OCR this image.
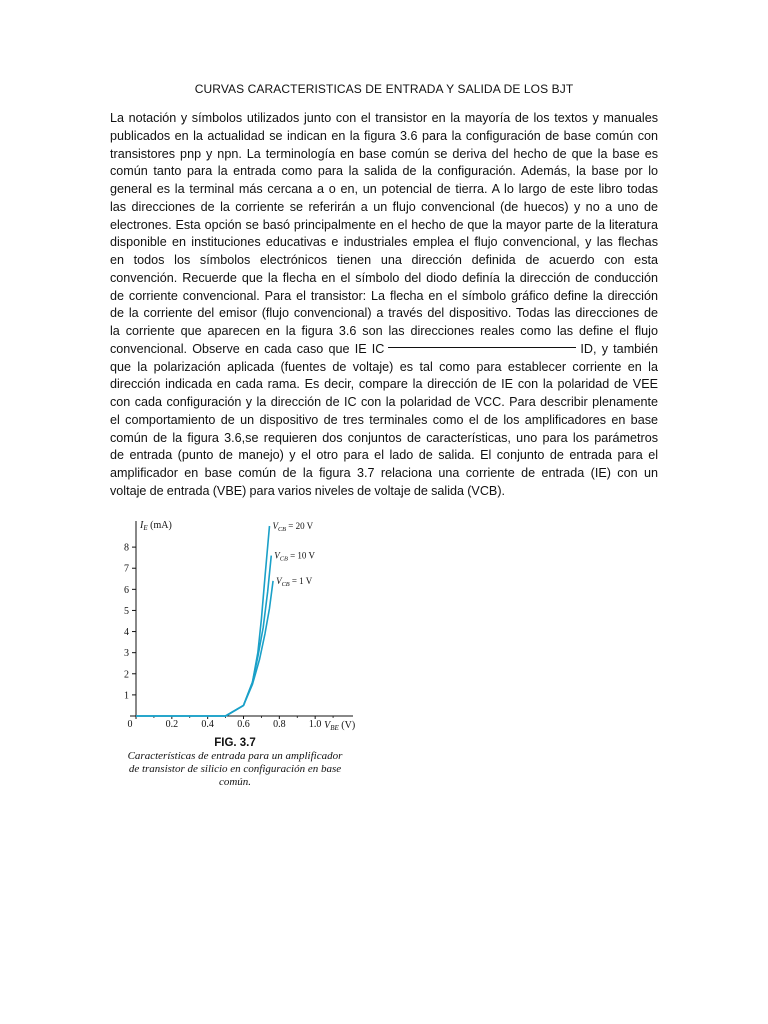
CURVAS CARACTERISTICAS DE ENTRADA Y SALIDA DE LOS BJT

La notación y símbolos utilizados junto con el transistor en la mayoría de los textos y manuales
publicados en la actualidad se indican en la figura 3.6 para la configuración de base común con
transistores pnp y npn. La terminología en base común se deriva del hecho de que la base es
común tanto para la entrada como para la salida de la configuración. Además, la base por lo
general es la terminal más cercana a o en, un potencial de tierra. A lo largo de este libro todas
las direcciones de la corriente se referirán a un flujo convencional (de huecos) y no a uno de
electrones. Esta opción se basó principalmente en el hecho de que la mayor parte de la literatura
disponible en instituciones educativas e industriales emplea el flujo convencional, y las flechas
en todos los símbolos electrónicos tienen una dirección definida de acuerdo con esta
convención. Recuerde que la flecha en el símbolo del diodo definía la dirección de conducción
de corriente convencional. Para el transistor: La flecha en el símbolo gráfico define la dirección
de la corriente del emisor (flujo convencional) a través del dispositivo. Todas las direcciones de
la corriente que aparecen en la figura 3.6 son las direcciones reales como las define el flujo
convencional. Observe en cada caso que IE IC	ID, y también
que la polarización aplicada (fuentes de voltaje) es tal como para establecer corriente en la
dirección indicada en cada rama. Es decir, compare la dirección de IE con la polaridad de VEE
con cada configuración y la dirección de IC con la polaridad de VCC. Para describir plenamente
el comportamiento de un dispositivo de tres terminales como el de los amplificadores en base
común de la figura 3.6,se requieren dos conjuntos de características, uno para los parámetros
de entrada (punto de manejo) y el otro para el lado de salida. El conjunto de entrada para el
amplificador en base común de la figura 3.7 relaciona una corriente de entrada (IE) con un
voltaje de entrada (VBE) para varios niveles de voltaje de salida (VCB).

1
2
3
4
5
6
7
8
0	0.2 0.4 0.6 0.8 1.0
$I_E$ (mA)
$V_{BE}$ (V)
$V_{CB} = 20$ V
$V_{CB} = 10$ V
$V_{CB} = 1$ V
FIG. 3.7
Características de entrada para un amplificador
de transistor de silicio en configuración en base
común.
